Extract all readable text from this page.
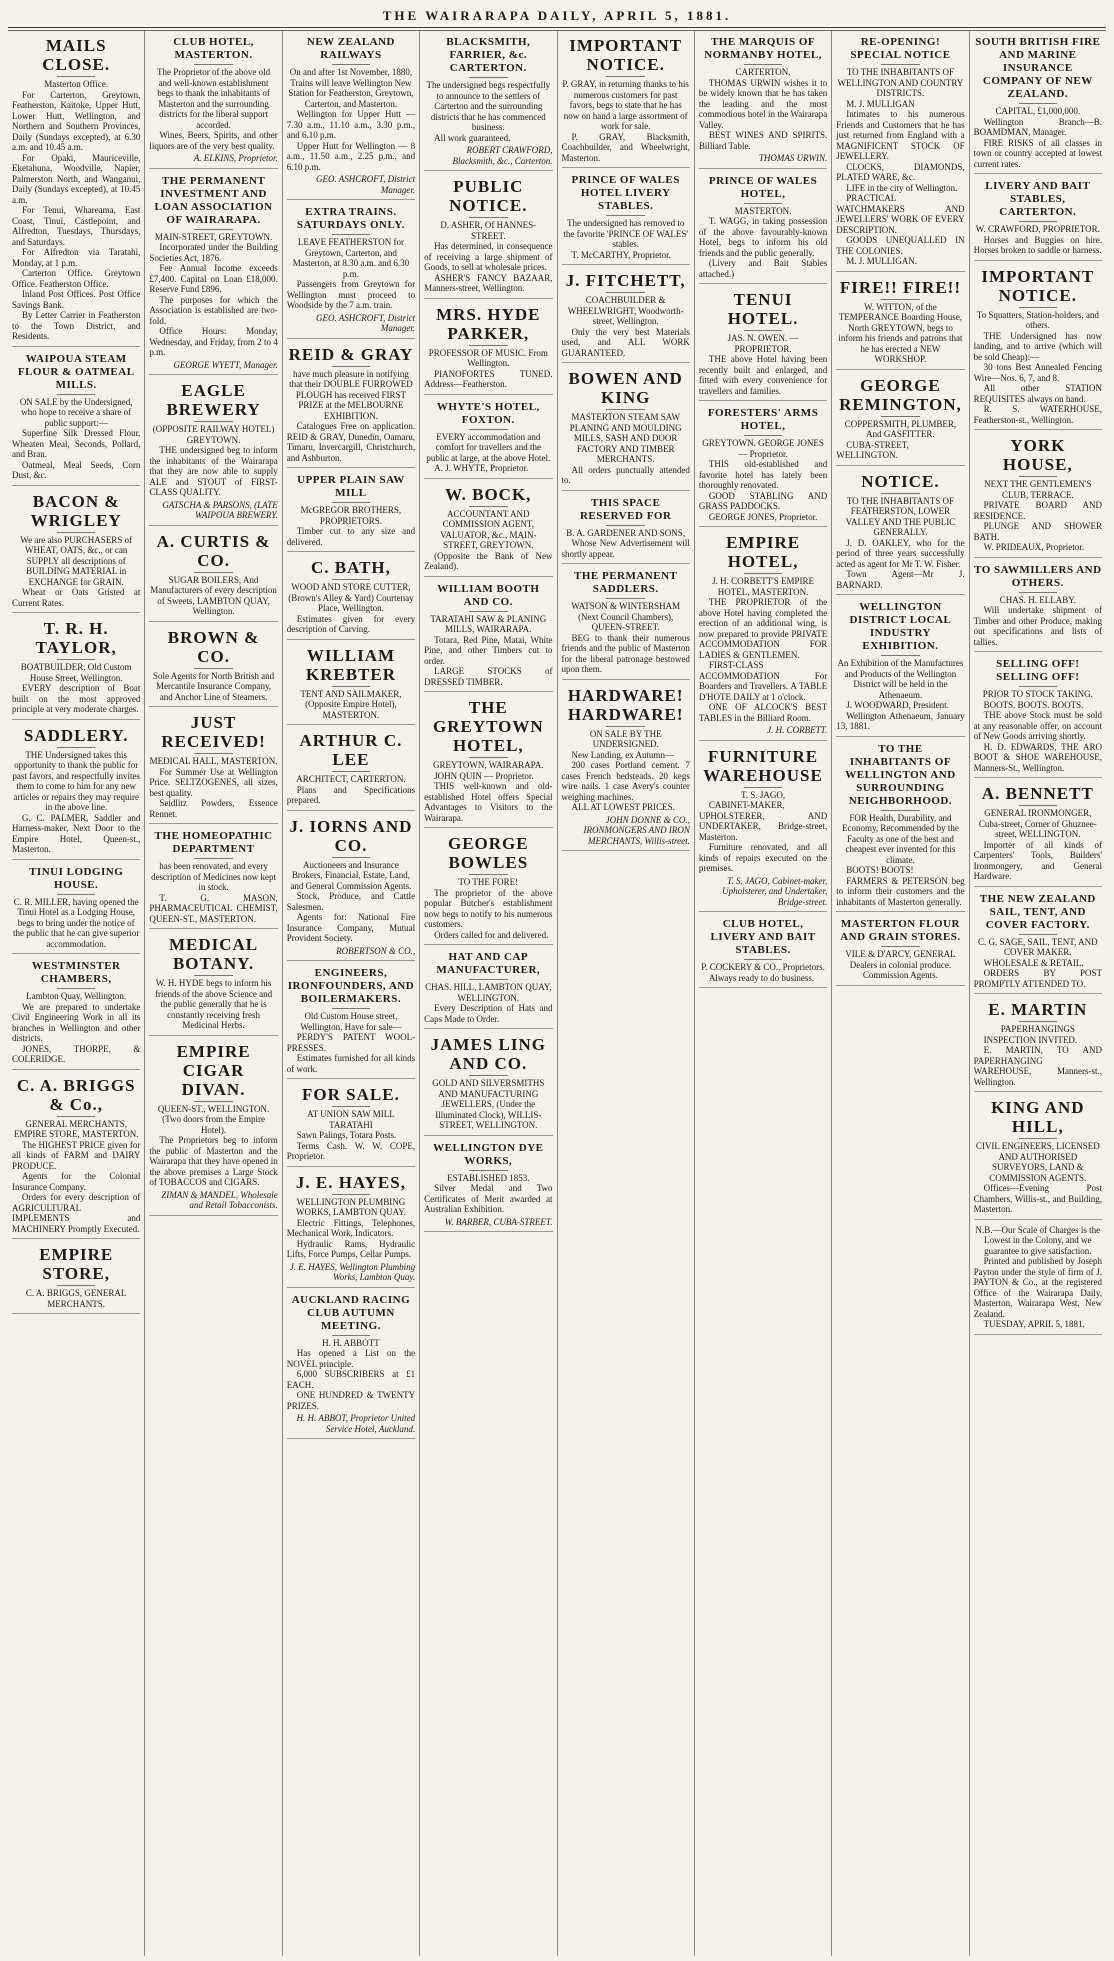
THE WAIRARAPA DAILY, APRIL 5, 1881.
MAILS CLOSE.

Masterton Office.

For Carterton, Greytown, Featherston, Kaitoke, Upper Hutt, Lower Hutt, Wellington, and Northern and Southern Provinces, Daily (Sundays excepted), at 6.30 a.m. and 10.45 a.m.

For Opaki, Mauriceville, Eketahuna, Woodville, Napier, Palmerston North, and Wanganui, Daily (Sundays excepted), at 10.45 a.m.

For Tenui, Whareama, East Coast, Tinui, Castlepoint, and Alfredton, Tuesdays, Thursdays, and Saturdays.

For Alfredton via Taratahi, Monday, at 1 p.m.

Carterton Office. Greytown Office. Featherston Office.

Inland Post Offices. Post Office Savings Bank.

By Letter Carrier in Featherston to the Town District, and Residents.

WAIPOUA STEAM FLOUR & OATMEAL MILLS.

ON SALE by the Undersigned, who hope to receive a share of public support:—

Superfine Silk Dressed Flour. Wheaten Meal, Seconds, Pollard, and Bran.

Oatmeal, Meal Seeds, Corn Dust, &c.

BACON & WRIGLEY

We are also PURCHASERS of WHEAT, OATS, &c., or can SUPPLY all descriptions of BUILDING MATERIAL in EXCHANGE for GRAIN.

Wheat or Oats Gristed at Current Rates.

T. R. H. TAYLOR,

BOATBUILDER, Old Custom House Street, Wellington.

EVERY description of Boat built on the most approved principle at very moderate charges.

SADDLERY.

THE Undersigned takes this opportunity to thank the public for past favors, and respectfully invites them to come to him for any new articles or repairs they may require in the above line.

G. C. PALMER, Saddler and Harness-maker, Next Door to the Empire Hotel, Queen-st., Masterton.

TINUI LODGING HOUSE.

C. R. MILLER, having opened the Tinui Hotel as a Lodging House, begs to bring under the notice of the public that he can give superior accommodation.

WESTMINSTER CHAMBERS,

Lambton Quay, Wellington.

We are prepared to undertake Civil Engineering Work in all its branches in Wellington and other districts.

JONES, THORPE, & COLERIDGE.

C. A. BRIGGS & Co.,

GENERAL MERCHANTS, EMPIRE STORE, MASTERTON.

The HIGHEST PRICE given for all kinds of FARM and DAIRY PRODUCE.

Agents for the Colonial Insurance Company.

Orders for every description of AGRICULTURAL IMPLEMENTS and MACHINERY Promptly Executed.

EMPIRE STORE,

C. A. BRIGGS, GENERAL MERCHANTS.

CLUB HOTEL, MASTERTON.

The Proprietor of the above old and well-known establishment begs to thank the inhabitants of Masterton and the surrounding districts for the liberal support accorded.

Wines, Beers, Spirits, and other liquors are of the very best quality.

A. ELKINS, Proprietor.
THE PERMANENT INVESTMENT AND LOAN ASSOCIATION OF WAIRARAPA.

MAIN-STREET, GREYTOWN.

Incorporated under the Building Societies Act, 1876.

Fee Annual Income exceeds £7,400. Capital on Loan £18,000. Reserve Fund £896.

The purposes for which the Association is established are two-fold.

Office Hours: Monday, Wednesday, and Friday, from 2 to 4 p.m.

GEORGE WYETT, Manager.
EAGLE BREWERY

(OPPOSITE RAILWAY HOTEL) GREYTOWN.

THE undersigned beg to inform the inhabitants of the Wairarapa that they are now able to supply ALE and STOUT of FIRST-CLASS QUALITY.

GATSCHA & PARSONS, (LATE WAIPOUA BREWERY.
A. CURTIS & CO.

SUGAR BOILERS, And Manufacturers of every description of Sweets, LAMBTON QUAY, Wellington.

BROWN & CO.

Sole Agents for North British and Mercantile Insurance Company, and Anchor Line of Steamers.

JUST RECEIVED!

MEDICAL HALL, MASTERTON.

For Summer Use at Wellington Price. SELTZOGENES, all sizes, best quality.

Seidlitz Powders, Essence Rennet.

THE HOMEOPATHIC DEPARTMENT

has been renovated, and every description of Medicines now kept in stock.

T. G. MASON, PHARMACEUTICAL CHEMIST, QUEEN-ST., MASTERTON.

MEDICAL BOTANY.

W. H. HYDE begs to inform his friends of the above Science and the public generally that he is constantly receiving fresh Medicinal Herbs.

EMPIRE CIGAR DIVAN.

QUEEN-ST., WELLINGTON. (Two doors from the Empire Hotel).

The Proprietors beg to inform the public of Masterton and the Wairarapa that they have opened in the above premises a Large Stock of TOBACCOS and CIGARS.

ZIMAN & MANDEL, Wholesale and Retail Tobacconists.
NEW ZEALAND RAILWAYS

On and after 1st November, 1880, Trains will leave Wellington New Station for Featherston, Greytown, Carterton, and Masterton.

Wellington for Upper Hutt — 7.30 a.m., 11.10 a.m., 3.30 p.m., and 6.10 p.m.

Upper Hutt for Wellington — 8 a.m., 11.50 a.m., 2.25 p.m., and 6.10 p.m.

GEO. ASHCROFT, District Manager.
EXTRA TRAINS. SATURDAYS ONLY.

LEAVE FEATHERSTON for Greytown, Carterton, and Masterton, at 8.30 a.m. and 6.30 p.m.

Passengers from Greytown for Wellington must proceed to Woodside by the 7 a.m. train.

GEO. ASHCROFT, District Manager.
REID & GRAY

have much pleasure in notifying that their DOUBLE FURROWED PLOUGH has received FIRST PRIZE at the MELBOURNE EXHIBITION.

Catalogues Free on application. REID & GRAY, Dunedin, Oamaru, Timaru, Invercargill, Christchurch, and Ashburton.

UPPER PLAIN SAW MILL

McGREGOR BROTHERS, PROPRIETORS.

Timber cut to any size and delivered.

C. BATH,

WOOD AND STORE CUTTER, (Brown's Alley & Yard) Courtenay Place, Wellington.

Estimates given for every description of Carving.

WILLIAM KREBTER

TENT AND SAILMAKER, (Opposite Empire Hotel), MASTERTON.

ARTHUR C. LEE

ARCHITECT, CARTERTON.

Plans and Specifications prepared.

J. IORNS AND CO.

Auctioneers and Insurance Brokers, Financial, Estate, Land, and General Commission Agents.

Stock, Produce, and Cattle Salesmen.

Agents for: National Fire Insurance Company, Mutual Provident Society.

ROBERTSON & CO.,
ENGINEERS, IRONFOUNDERS, AND BOILERMAKERS.

Old Custom House street, Wellington, Have for sale—

PERDY'S PATENT WOOL-PRESSES.

Estimates furnished for all kinds of work.

FOR SALE.

AT UNION SAW MILL TARATAHI

Sawn Palings, Totara Posts.

Terms Cash. W. W. COPE, Proprietor.

J. E. HAYES,

WELLINGTON PLUMBING WORKS, LAMBTON QUAY.

Electric Fittings, Telephones, Mechanical Work, Indicators.

Hydraulic Rams, Hydraulic Lifts, Force Pumps, Cellar Pumps.

J. E. HAYES, Wellington Plumbing Works, Lambton Quay.
AUCKLAND RACING CLUB AUTUMN MEETING.

H. H. ABBOTT

Has opened a List on the NOVEL principle.

6,000 SUBSCRIBERS at £1 EACH.

ONE HUNDRED & TWENTY PRIZES.

H. H. ABBOT, Proprietor United Service Hotel, Auckland.
BLACKSMITH, FARRIER, &c. CARTERTON.

The undersigned begs respectfully to announce to the settlers of Carterton and the surrounding districts that he has commenced business.

All work guaranteed.

ROBERT CRAWFORD, Blacksmith, &c., Carterton.
PUBLIC NOTICE.

D. ASHER, Of HANNES-STREET.

Has determined, in consequence of receiving a large shipment of Goods, to sell at wholesale prices.

ASHER'S FANCY BAZAAR, Manners-street, Wellington.

MRS. HYDE PARKER,

PROFESSOR OF MUSIC. From Wellington.

PIANOFORTES TUNED. Address—Featherston.

WHYTE'S HOTEL, FOXTON.

EVERY accommodation and comfort for travellers and the public at large, at the above Hotel.

A. J. WHYTE, Proprietor.

W. BOCK,

ACCOUNTANT AND COMMISSION AGENT, VALUATOR, &c., MAIN-STREET, GREYTOWN.

(Opposite the Bank of New Zealand).

WILLIAM BOOTH AND CO.

TARATAHI SAW & PLANING MILLS, WAIRARAPA.

Totara, Red Pine, Matai, White Pine, and other Timbers cut to order.

LARGE STOCKS of DRESSED TIMBER.

THE GREYTOWN HOTEL,

GREYTOWN, WAIRARAPA.

JOHN QUIN — Proprietor.

THIS well-known and old-established Hotel offers Special Advantages to Visitors to the Wairarapa.

GEORGE BOWLES

TO THE FORE!

The proprietor of the above popular Butcher's establishment now begs to notify to his numerous customers.

Orders called for and delivered.

HAT AND CAP MANUFACTURER,

CHAS. HILL, LAMBTON QUAY, WELLINGTON.

Every Description of Hats and Caps Made to Order.

JAMES LING AND CO.

GOLD AND SILVERSMITHS AND MANUFACTURING JEWELLERS, (Under the Illuminated Clock), WILLIS-STREET, WELLINGTON.

WELLINGTON DYE WORKS,

ESTABLISHED 1853.

Silver Medal and Two Certificates of Merit awarded at Australian Exhibition.

W. BARBER, CUBA-STREET.
IMPORTANT NOTICE.

P. GRAY, in returning thanks to his numerous customers for past favors, begs to state that he has now on hand a large assortment of work for sale.

P. GRAY, Blacksmith, Coachbuilder, and Wheelwright, Masterton.

PRINCE OF WALES HOTEL LIVERY STABLES.

The undersigned has removed to the favorite 'PRINCE OF WALES' stables.

T. McCARTHY, Proprietor.

J. FITCHETT,

COACHBUILDER & WHEELWRIGHT, Woodworth-street, Wellington.

Only the very best Materials used, and ALL WORK GUARANTEED.

BOWEN AND KING

MASTERTON STEAM SAW PLANING AND MOULDING MILLS, SASH AND DOOR FACTORY AND TIMBER MERCHANTS.

All orders punctually attended to.

THIS SPACE RESERVED FOR

B. A. GARDENER AND SONS,

Whose New Advertisement will shortly appear.

THE PERMANENT SADDLERS.

WATSON & WINTERSHAM (Next Council Chambers), QUEEN-STREET.

BEG to thank their numerous friends and the public of Masterton for the liberal patronage bestowed upon them.

HARDWARE! HARDWARE!

ON SALE BY THE UNDERSIGNED.

New Landing, ex Autumn—

200 cases Portland cement. 7 cases French bedsteads. 20 kegs wire nails. 1 case Avery's counter weighing machines.

ALL AT LOWEST PRICES.

JOHN DONNE & CO., IRONMONGERS AND IRON MERCHANTS, Willis-street.
THE MARQUIS OF NORMANBY HOTEL,

CARTERTON.

THOMAS URWIN wishes it to be widely known that he has taken the leading and the most commodious hotel in the Wairarapa Valley.

BEST WINES AND SPIRITS. Billiard Table.

THOMAS URWIN.
PRINCE OF WALES HOTEL,

MASTERTON.

T. WAGG, in taking possession of the above favourably-known Hotel, begs to inform his old friends and the public generally.

(Livery and Bait Stables attached.)

TENUI HOTEL.

JAS. N. OWEN. — PROPRIETOR.

THE above Hotel having been recently built and enlarged, and fitted with every convenience for travellers and families.

FORESTERS' ARMS HOTEL,

GREYTOWN. GEORGE JONES — Proprietor.

THIS old-established and favorite hotel has lately been thoroughly renovated.

GOOD STABLING AND GRASS PADDOCKS.

GEORGE JONES, Proprietor.

EMPIRE HOTEL,

J. H. CORBETT'S EMPIRE HOTEL, MASTERTON.

THE PROPRIETOR of the above Hotel having completed the erection of an additional wing, is now prepared to provide PRIVATE ACCOMMODATION FOR LADIES & GENTLEMEN.

FIRST-CLASS ACCOMMODATION For Boarders and Travellers. A TABLE D'HOTE DAILY at 1 o'clock.

ONE OF ALCOCK'S BEST TABLES in the Billiard Room.

J. H. CORBETT.
FURNITURE WAREHOUSE

T. S. JAGO,

CABINET-MAKER, UPHOLSTERER, AND UNDERTAKER, Bridge-street, Masterton.

Furniture renovated, and all kinds of repairs executed on the premises.

T. S. JAGO, Cabinet-maker, Upholsterer, and Undertaker, Bridge-street.
CLUB HOTEL, LIVERY AND BAIT STABLES.

P. COCKERY & CO., Proprietors.

Always ready to do business.

RE-OPENING! SPECIAL NOTICE

TO THE INHABITANTS OF WELLINGTON AND COUNTRY DISTRICTS.

M. J. MULLIGAN

Intimates to his numerous Friends and Customers that he has just returned from England with a MAGNIFICENT STOCK OF JEWELLERY.

CLOCKS, DIAMONDS, PLATED WARE, &c.

LIFE in the city of Wellington.

PRACTICAL WATCHMAKERS AND JEWELLERS' WORK OF EVERY DESCRIPTION.

GOODS UNEQUALLED IN THE COLONIES.

M. J. MULLIGAN.

FIRE!! FIRE!!

W. WITTON, of the TEMPERANCE Boarding House, North GREYTOWN, begs to inform his friends and patrons that he has erected a NEW WORKSHOP.

GEORGE REMINGTON,

COPPERSMITH, PLUMBER, And GASFITTER.

CUBA-STREET, WELLINGTON.

NOTICE.

TO THE INHABITANTS OF FEATHERSTON, LOWER VALLEY AND THE PUBLIC GENERALLY.

J. D. OAKLEY, who for the period of three years successfully acted as agent for Mr T. W. Fisher.

Town Agent—Mr J. BARNARD.

WELLINGTON DISTRICT LOCAL INDUSTRY EXHIBITION.

An Exhibition of the Manufactures and Products of the Wellington District will be held in the Athenaeum.

J. WOODWARD, President.

Wellington Athenaeum, January 13, 1881.

TO THE INHABITANTS OF WELLINGTON AND SURROUNDING NEIGHBORHOOD.

FOR Health, Durability, and Economy, Recommended by the Faculty as one of the best and cheapest ever invented for this climate.

BOOTS! BOOTS!

FARMERS & PETERSON beg to inform their customers and the inhabitants of Masterton generally.

MASTERTON FLOUR AND GRAIN STORES.

VILE & D'ARCY, GENERAL Dealers in colonial produce. Commission Agents.

SOUTH BRITISH FIRE AND MARINE INSURANCE COMPANY OF NEW ZEALAND.

CAPITAL, £1,000,000.

Wellington Branch—B. BOAMDMAN, Manager.

FIRE RISKS of all classes in town or country accepted at lowest current rates.

LIVERY AND BAIT STABLES, CARTERTON.

W. CRAWFORD, PROPRIETOR.

Horses and Buggies on hire. Horses broken to saddle or harness.

IMPORTANT NOTICE.

To Squatters, Station-holders, and others.

THE Undersigned has now landing, and to arrive (which will be sold Cheap):—

30 tons Best Annealed Fencing Wire—Nos. 6, 7, and 8.

All other STATION REQUISITES always on hand.

R. S. WATERHOUSE, Featherston-st., Wellington.

YORK HOUSE,

NEXT THE GENTLEMEN'S CLUB, TERRACE.

PRIVATE BOARD AND RESIDENCE.

PLUNGE AND SHOWER BATH.

W. PRIDEAUX, Proprietor.

TO SAWMILLERS AND OTHERS.

CHAS. H. ELLABY.

Will undertake shipment of Timber and other Produce, making out specifications and lists of tallies.

SELLING OFF! SELLING OFF!

PRIOR TO STOCK TAKING.

BOOTS. BOOTS. BOOTS.

THE above Stock must be sold at any reasonable offer, on account of New Goods arriving shortly.

H. D. EDWARDS, THE ARO BOOT & SHOE WAREHOUSE, Manners-St., Wellington.

A. BENNETT

GENERAL IRONMONGER, Cuba-street, Corner of Ghuznee-street, WELLINGTON.

Importer of all kinds of Carpenters' Tools, Builders' Ironmongery, and General Hardware.

THE NEW ZEALAND SAIL, TENT, AND COVER FACTORY.

C. G. SAGE, SAIL, TENT, AND COVER MAKER.

WHOLESALE & RETAIL.

ORDERS BY POST PROMPTLY ATTENDED TO.

E. MARTIN

PAPERHANGINGS

INSPECTION INVITED.

E. MARTIN, TO AND PAPERHANGING WAREHOUSE, Manners-st., Wellington.

KING AND HILL,

CIVIL ENGINEERS, LICENSED AND AUTHORISED SURVEYORS, LAND & COMMISSION AGENTS.

Offices—Evening Post Chambers, Willis-st., and Building, Masterton.

N.B.—Our Scale of Charges is the Lowest in the Colony, and we guarantee to give satisfaction.

Printed and published by Joseph Payton under the style of firm of J. PAYTON & Co., at the registered Office of the Wairarapa Daily, Masterton, Wairarapa West, New Zealand.

TUESDAY, APRIL 5, 1881.
